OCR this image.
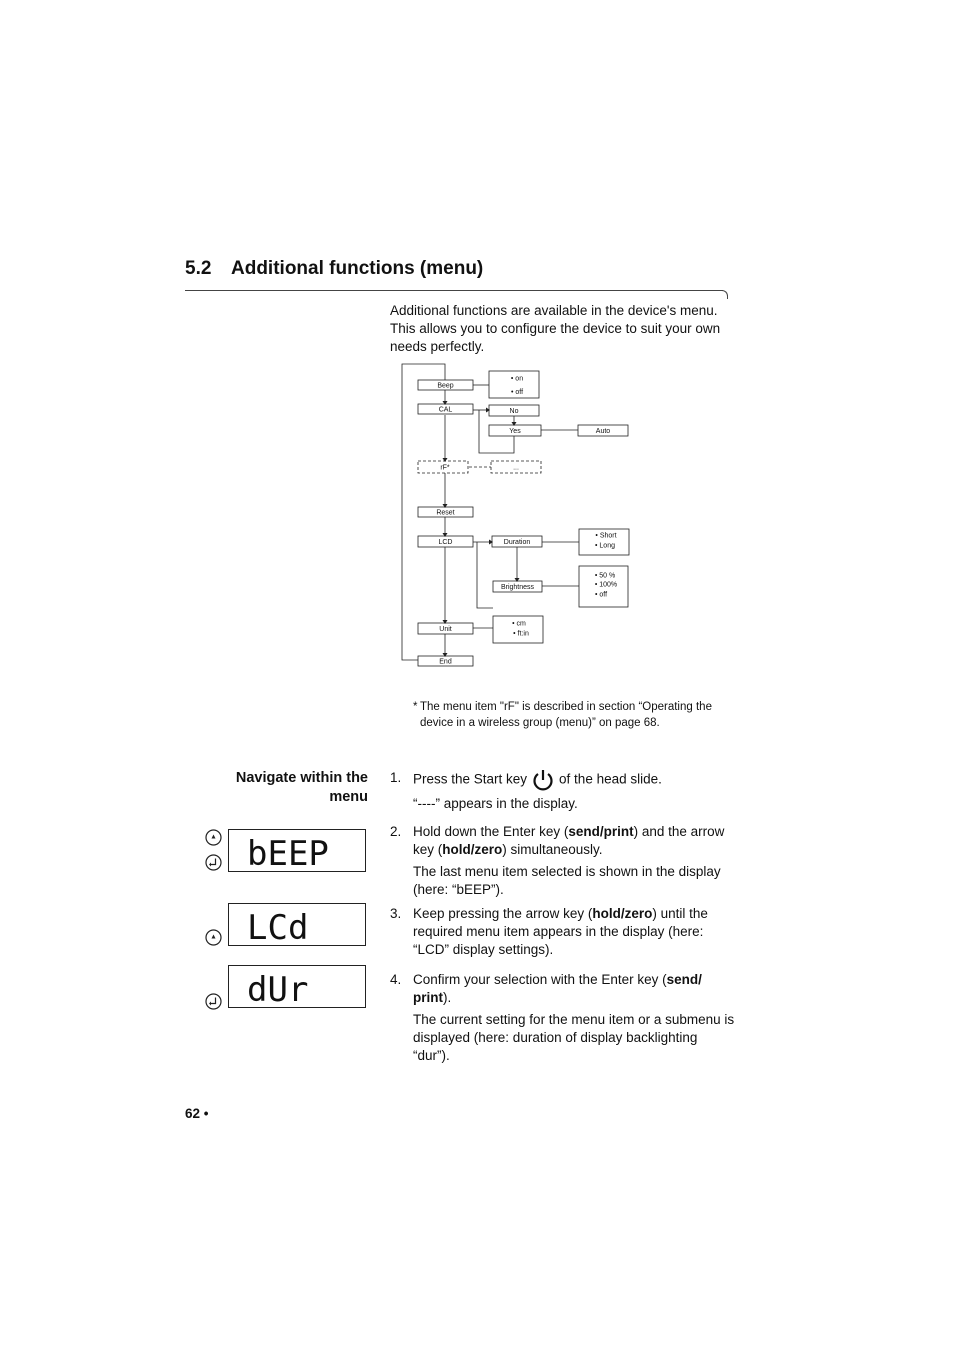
5.2 Additional functions (menu)
Additional functions are available in the device's menu. This allows you to configure the device to suit your own needs perfectly.
Beep
• on
• off
CAL	No
Yes	Auto
rF*	...
Reset
LCD	Duration
• Short
• Long
Brightness
• 50 %
• 100%
• off
Unit
• cm
• ft:in
End
* The menu item "rF" is described in section “Operating the device in a wireless group (menu)” on page 68.
Navigate within the
menu
bEEP
LCd
dUr
1. Press the Start key of the head slide.

“----” appears in the display.

2. Hold down the Enter key (send/print) and the arrow key (hold/zero) simultaneously.

The last menu item selected is shown in the display (here: “bEEP”).

3. Keep pressing the arrow key (hold/zero) until the required menu item appears in the display (here: “LCD” display settings).

4. Confirm your selection with the Enter key (send/ print).

The current setting for the menu item or a submenu is displayed (here: duration of display backlighting “dur”).

62 •
